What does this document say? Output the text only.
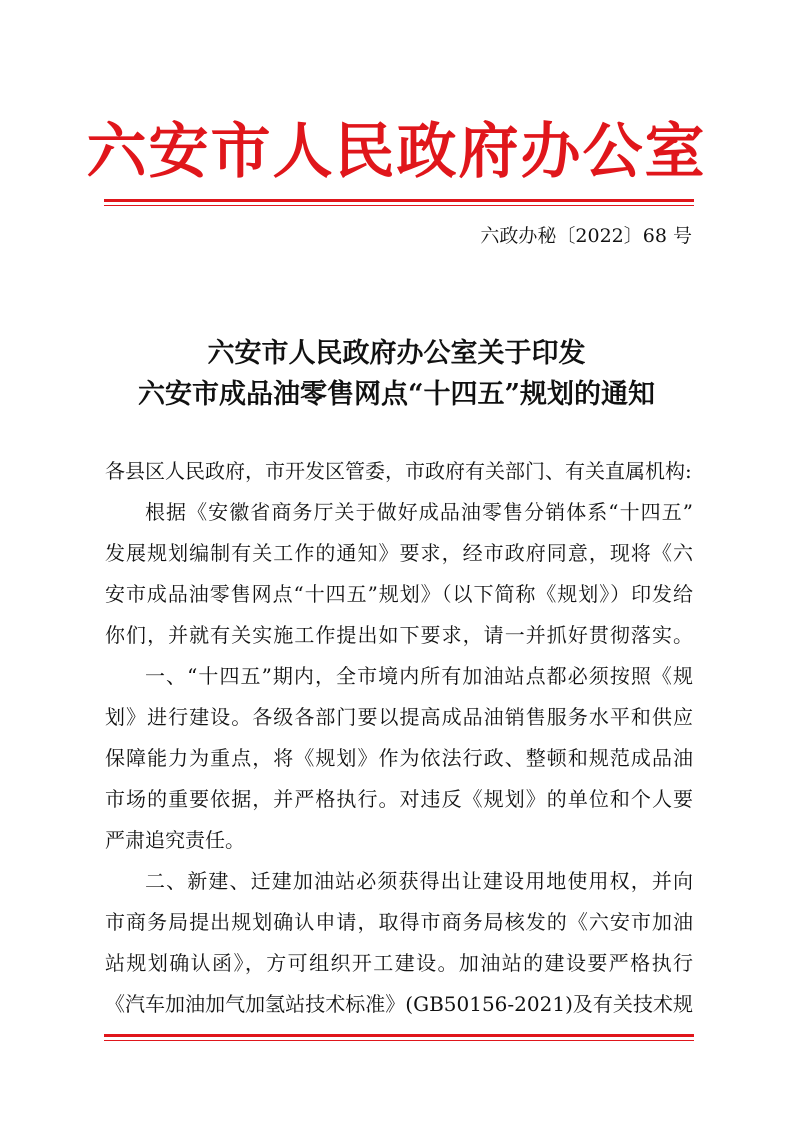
六安市人民政府办公室
六政办秘〔2022〕68 号
六安市人民政府办公室关于印发
六安市成品油零售网点“十四五”规划的通知
各县区人民政府，市开发区管委，市政府有关部门、有关直属机构:
根据《安徽省商务厅关于做好成品油零售分销体系“十四五”
发展规划编制有关工作的通知》要求，经市政府同意，现将《六
安市成品油零售网点“十四五”规划》（以下简称《规划》）印发给
你们，并就有关实施工作提出如下要求，请一并抓好贯彻落实。
一、“十四五”期内，全市境内所有加油站点都必须按照《规
划》进行建设。各级各部门要以提高成品油销售服务水平和供应
保障能力为重点，将《规划》作为依法行政、整顿和规范成品油
市场的重要依据，并严格执行。对违反《规划》的单位和个人要
严肃追究责任。
二、新建、迁建加油站必须获得出让建设用地使用权，并向
市商务局提出规划确认申请，取得市商务局核发的《六安市加油
站规划确认函》，方可组织开工建设。加油站的建设要严格执行
《汽车加油加气加氢站技术标准》(GB50156-2021)及有关技术规
